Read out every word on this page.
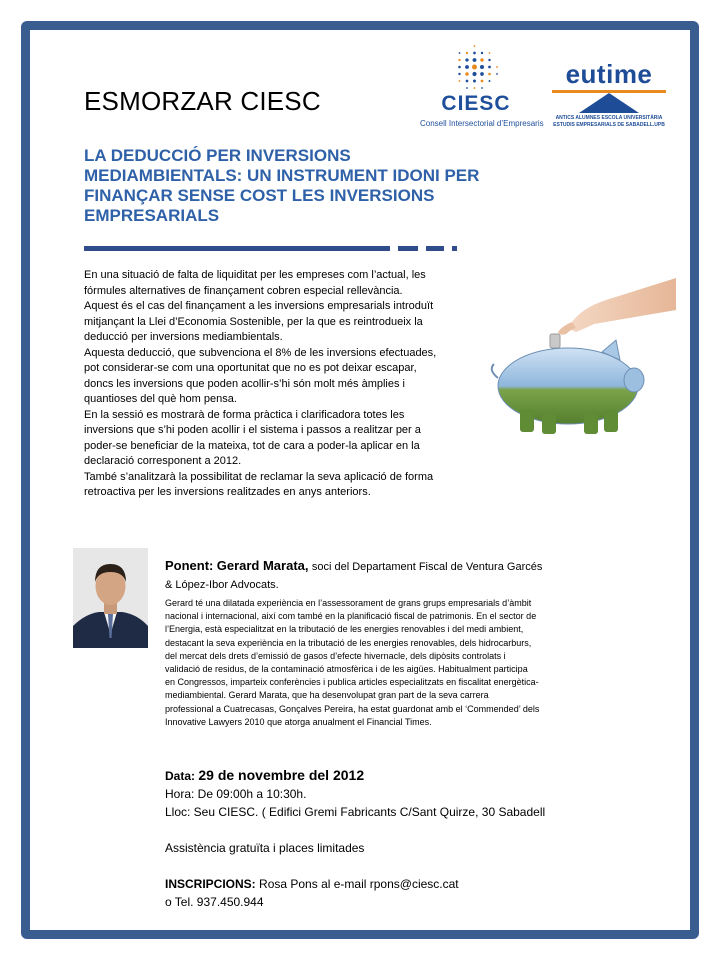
ESMORZAR CIESC	CIESC
Consell Intersectorial d’Empresaris
eutime
ANTICS ALUMNES ESCOLA UNIVERSITÀRIA
ESTUDIS EMPRESARIALS DE SABADELL.UPB
LA DEDUCCIÓ PER INVERSIONS
MEDIAMBIENTALS: UN INSTRUMENT IDONI PER
FINANÇAR SENSE COST LES INVERSIONS
EMPRESARIALS
En una situació de falta de liquiditat per les empreses com l’actual, les
fórmules alternatives de finançament cobren especial rellevància.
Aquest és el cas del finançament a les inversions empresarials introduït
mitjançant la Llei d’Economia Sostenible, per la que es reintrodueix la
deducció per inversions mediambientals.
Aquesta deducció, que subvenciona el 8% de les inversions efectuades,
pot considerar-se com una oportunitat que no es pot deixar escapar,
doncs les inversions que poden acollir-s’hi són molt més àmplies i
quantioses del què hom pensa.
En la sessió es mostrarà de forma pràctica i clarificadora totes les
inversions que s’hi poden acollir i el sistema i passos a realitzar per a
poder-se beneficiar de la mateixa, tot de cara a poder-la aplicar en la
declaració corresponent a 2012.
També s’analitzarà la possibilitat de reclamar la seva aplicació de forma
retroactiva per les inversions realitzades en anys anteriors.
Ponent: Gerard Marata, soci del Departament Fiscal de Ventura Garcés
& López-Ibor Advocats.
Gerard té una dilatada experiència en l’assessorament de grans grups empresarials d’àmbit
nacional i internacional, així com també en la planificació fiscal de patrimonis. En el sector de
l’Energia, està especialitzat en la tributació de les energies renovables i del medi ambient,
destacant la seva experiència en la tributació de les energies renovables, dels hidrocarburs,
del mercat dels drets d’emissió de gasos d’efecte hivernacle, dels dipòsits controlats i
validació de residus, de la contaminació atmosfèrica i de les aigües. Habitualment participa
en Congressos, imparteix conferències i publica articles especialitzats en fiscalitat energètica-
mediambiental. Gerard Marata, que ha desenvolupat gran part de la seva carrera
professional a Cuatrecasas, Gonçalves Pereira, ha estat guardonat amb el ‘Commended’ dels
Innovative Lawyers 2010 que atorga anualment el Financial Times.
Data: 29 de novembre del 2012
Hora: De 09:00h a 10:30h.
Lloc: Seu CIESC. ( Edifici Gremi Fabricants C/Sant Quirze, 30 Sabadell
Assistència gratuïta i places limitades
INSCRIPCIONS: Rosa Pons al e-mail rpons@ciesc.cat
o Tel. 937.450.944
